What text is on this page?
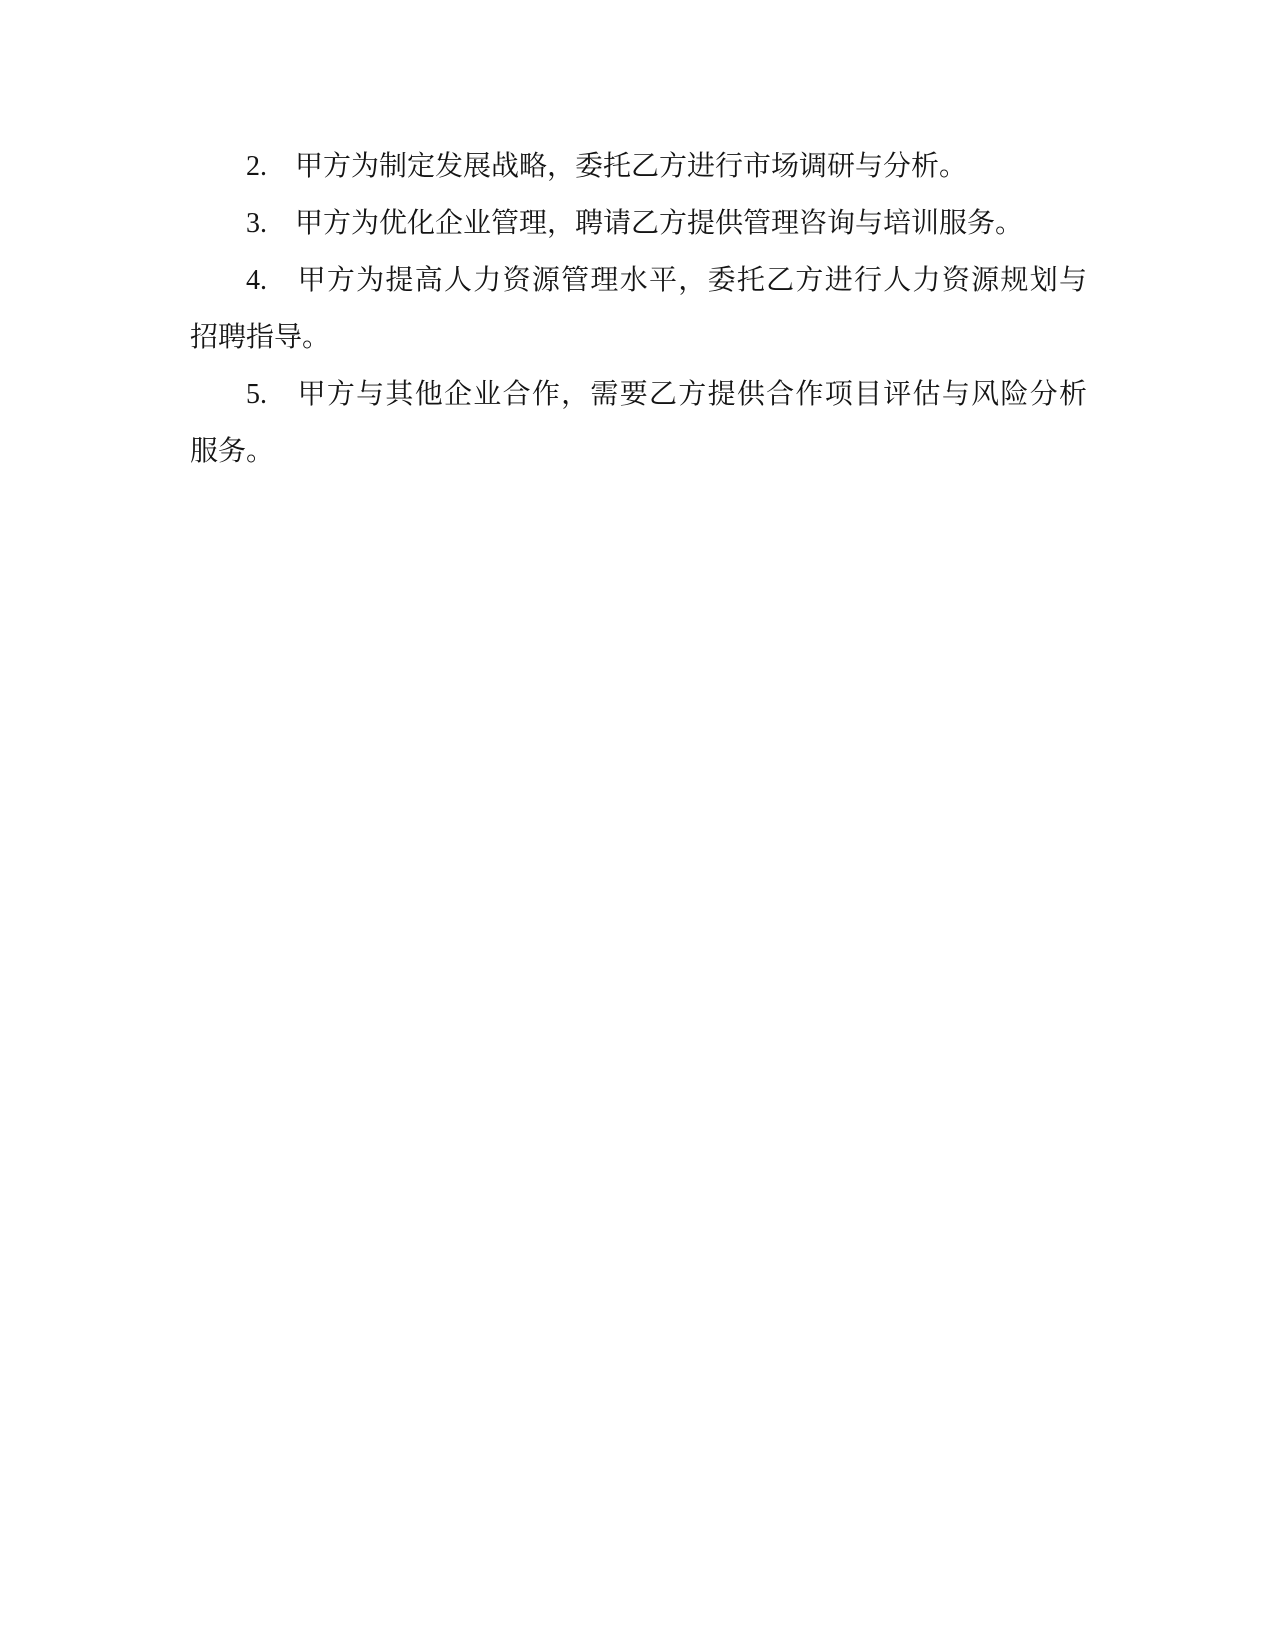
2.　甲方为制定发展战略，委托乙方进行市场调研与分析。

3.　甲方为优化企业管理，聘请乙方提供管理咨询与培训服务。

4.　甲方为提高人力资源管理水平，委托乙方进行人力资源规划与
招聘指导。

5.　甲方与其他企业合作，需要乙方提供合作项目评估与风险分析
服务。
